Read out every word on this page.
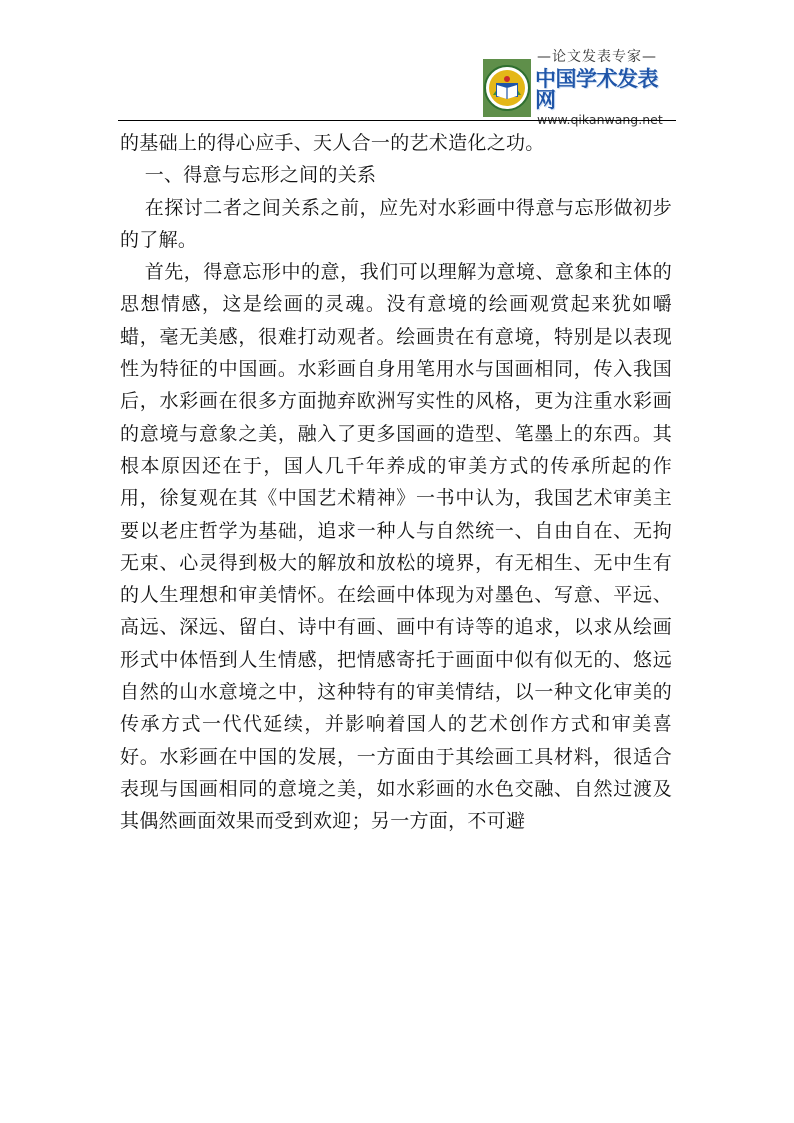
—论文发表专家—
中国学术发表网
www.qikanwang.net

的基础上的得心应手、天人合一的艺术造化之功。

一、得意与忘形之间的关系

在探讨二者之间关系之前，应先对水彩画中得意与忘形做初步的了解。

首先，得意忘形中的意，我们可以理解为意境、意象和主体的思想情感，这是绘画的灵魂。没有意境的绘画观赏起来犹如嚼蜡，毫无美感，很难打动观者。绘画贵在有意境，特别是以表现性为特征的中国画。水彩画自身用笔用水与国画相同，传入我国后，水彩画在很多方面抛弃欧洲写实性的风格，更为注重水彩画的意境与意象之美，融入了更多国画的造型、笔墨上的东西。其根本原因还在于，国人几千年养成的审美方式的传承所起的作用，徐复观在其《中国艺术精神》一书中认为，我国艺术审美主要以老庄哲学为基础，追求一种人与自然统一、自由自在、无拘无束、心灵得到极大的解放和放松的境界，有无相生、无中生有的人生理想和审美情怀。在绘画中体现为对墨色、写意、平远、高远、深远、留白、诗中有画、画中有诗等的追求，以求从绘画形式中体悟到人生情感，把情感寄托于画面中似有似无的、悠远自然的山水意境之中，这种特有的审美情结，以一种文化审美的传承方式一代代延续，并影响着国人的艺术创作方式和审美喜好。水彩画在中国的发展，一方面由于其绘画工具材料，很适合表现与国画相同的意境之美，如水彩画的水色交融、自然过渡及其偶然画面效果而受到欢迎；另一方面，不可避
